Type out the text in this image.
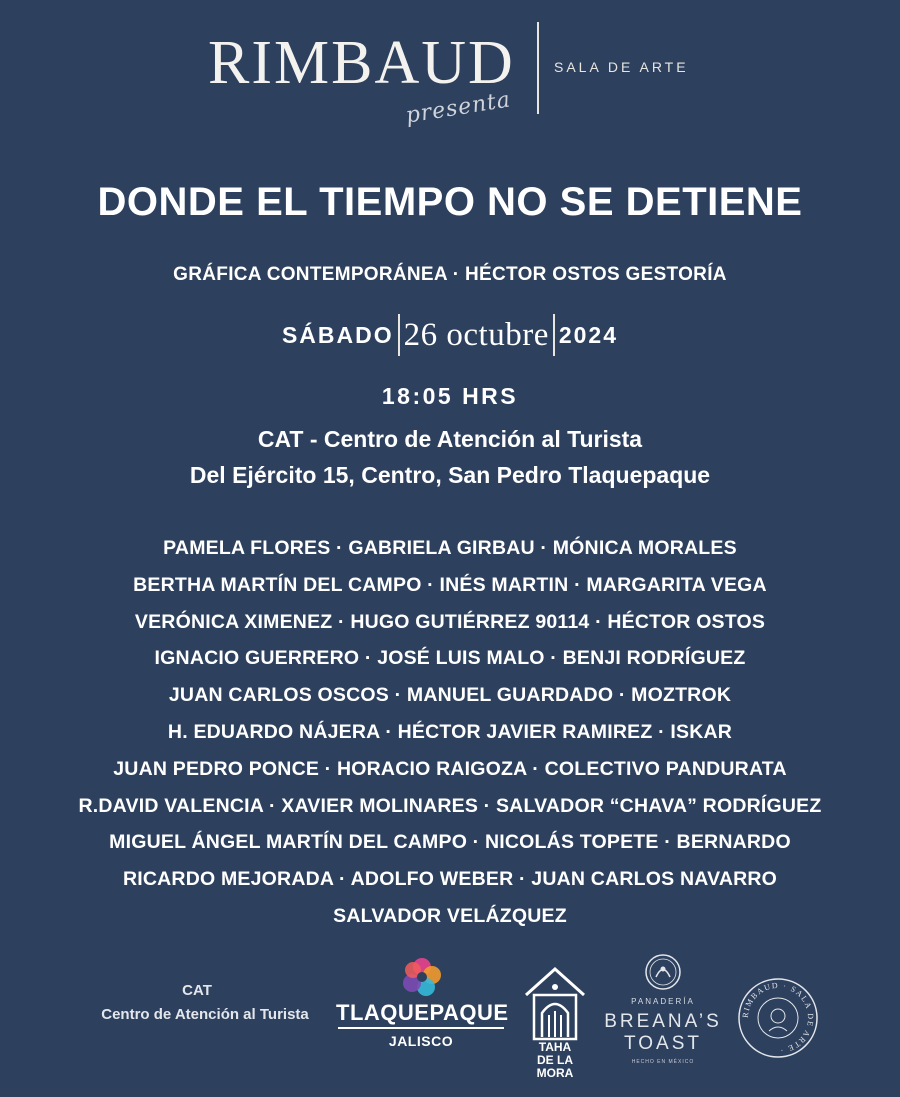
RIMBAUD	SALA DE ARTE
presenta
DONDE EL TIEMPO NO SE DETIENE
GRÁFICA CONTEMPORÁNEA · HÉCTOR OSTOS GESTORÍA
SÁBADO 26 octubre 2024
18:05 HRS
CAT - Centro de Atención al Turista
Del Ejército 15, Centro, San Pedro Tlaquepaque
PAMELA FLORES · GABRIELA GIRBAU · MÓNICA MORALES
BERTHA MARTÍN DEL CAMPO · INÉS MARTIN · MARGARITA VEGA
VERÓNICA XIMENEZ · HUGO GUTIÉRREZ 90114 · HÉCTOR OSTOS
IGNACIO GUERRERO · JOSÉ LUIS MALO · BENJI RODRÍGUEZ
JUAN CARLOS OSCOS · MANUEL GUARDADO · MOZTROK
H. EDUARDO NÁJERA · HÉCTOR JAVIER RAMIREZ · ISKAR
JUAN PEDRO PONCE · HORACIO RAIGOZA · COLECTIVO PANDURATA
R.DAVID VALENCIA · XAVIER MOLINARES · SALVADOR “CHAVA” RODRÍGUEZ
MIGUEL ÁNGEL MARTÍN DEL CAMPO · NICOLÁS TOPETE · BERNARDO
RICARDO MEJORADA · ADOLFO WEBER · JUAN CARLOS NAVARRO
SALVADOR VELÁZQUEZ
CAT
Centro de Atención al Turista	TLAQUEPAQUE
JALISCO	TAHA
DE LA
MORA
PANADERÍA
BREANA’S
TOAST
HECHO EN MÉXICO
RIMBAUD · SALA DE ARTE ·
